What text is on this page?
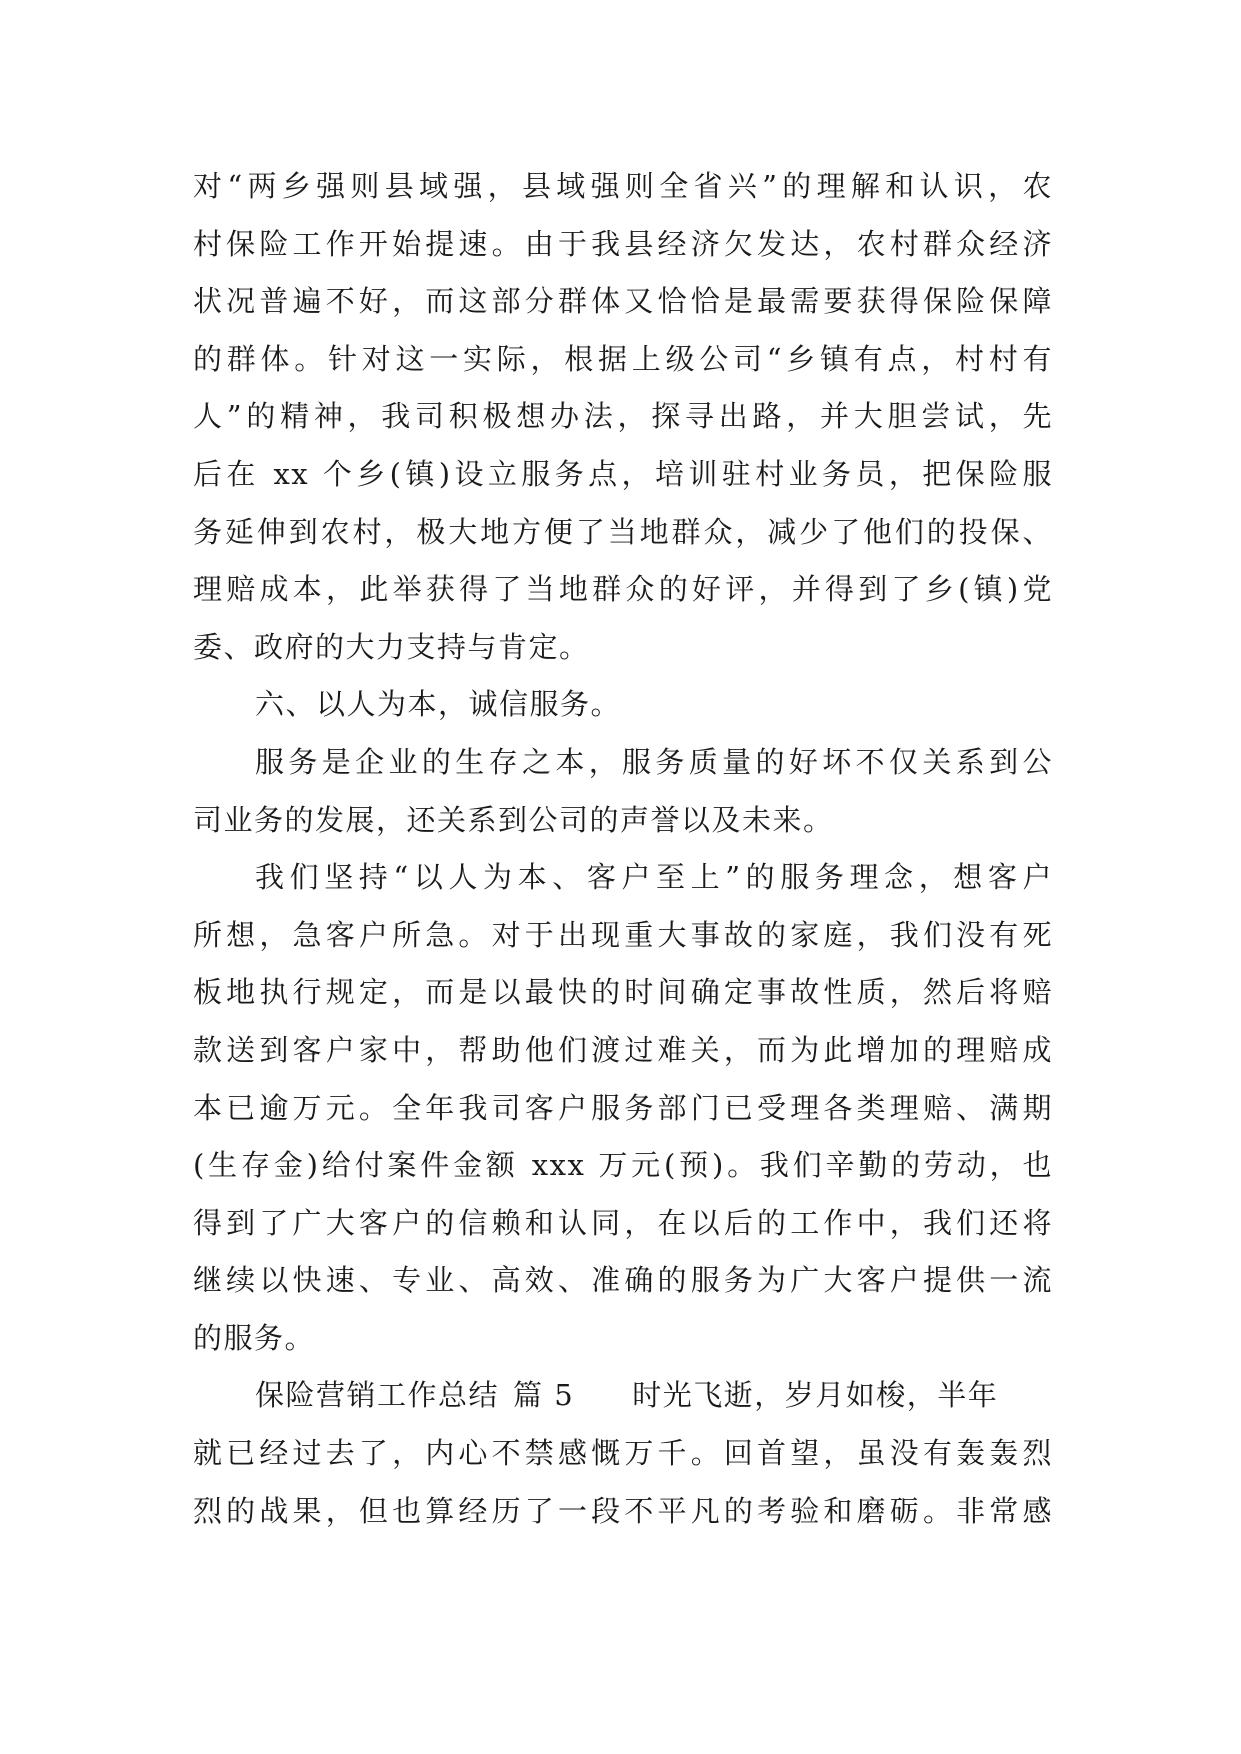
对“两乡强则县域强，县域强则全省兴”的理解和认识，农
村保险工作开始提速。由于我县经济欠发达，农村群众经济
状况普遍不好，而这部分群体又恰恰是最需要获得保险保障
的群体。针对这一实际，根据上级公司“乡镇有点，村村有
人”的精神，我司积极想办法，探寻出路，并大胆尝试，先
后在 xx 个乡(镇)设立服务点，培训驻村业务员，把保险服
务延伸到农村，极大地方便了当地群众，减少了他们的投保、
理赔成本，此举获得了当地群众的好评，并得到了乡(镇)党
委、政府的大力支持与肯定。
六、以人为本，诚信服务。
服务是企业的生存之本，服务质量的好坏不仅关系到公
司业务的发展，还关系到公司的声誉以及未来。
我们坚持“以人为本、客户至上”的服务理念，想客户
所想，急客户所急。对于出现重大事故的家庭，我们没有死
板地执行规定，而是以最快的时间确定事故性质，然后将赔
款送到客户家中，帮助他们渡过难关，而为此增加的理赔成
本已逾万元。全年我司客户服务部门已受理各类理赔、满期
(生存金)给付案件金额 xxx 万元(预)。我们辛勤的劳动，也
得到了广大客户的信赖和认同，在以后的工作中，我们还将
继续以快速、专业、高效、准确的服务为广大客户提供一流
的服务。
保险营销工作总结 篇 5 时光飞逝，岁月如梭，半年
就已经过去了，内心不禁感慨万千。回首望，虽没有轰轰烈
烈的战果，但也算经历了一段不平凡的考验和磨砺。非常感
